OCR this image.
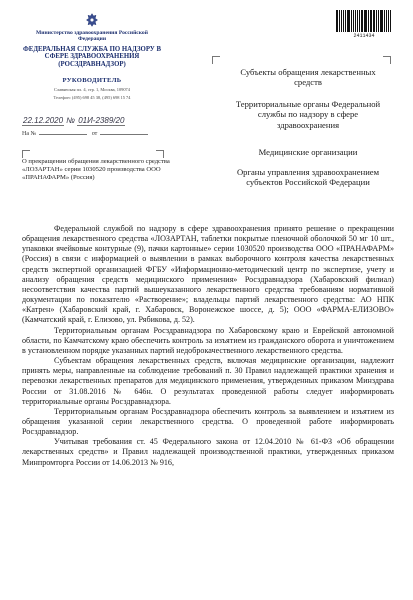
Министерство здравоохранения Российской Федерации
ФЕДЕРАЛЬНАЯ СЛУЖБА ПО НАДЗОРУ В СФЕРЕ ЗДРАВООХРАНЕНИЯ (РОСЗДРАВНАДЗОР)
РУКОВОДИТЕЛЬ
Славянская пл. 4, стр. 1, Москва, 109074
Телефон: (495) 698 45 38, (495) 698 15 74
22.12.2020 № 01И-2389/20
На №	от
2411434
Субъекты обращения лекарственных средств
Территориальные органы Федеральной службы по надзору в сфере здравоохранения
Медицинские организации
Органы управления здравоохранением субъектов Российской Федерации
О прекращении обращения лекарственного средства «ЛОЗАРТАН» серии 1030520 производства ООО «ПРАНАФАРМ» (Россия)

Федеральной службой по надзору в сфере здравоохранения принято решение о прекращении обращения лекарственного средства «ЛОЗАРТАН, таблетки покрытые пленочной оболочкой 50 мг 10 шт., упаковки ячейковые контурные (9), пачки картонные» серии 1030520 производства ООО «ПРАНАФАРМ» (Россия) в связи с информацией о выявлении в рамках выборочного контроля качества лекарственных средств экспертной организацией ФГБУ «Информационно-методический центр по экспертизе, учету и анализу обращения средств медицинского применения» Росздравнадзора (Хабаровский филиал) несоответствия качества партий вышеуказанного лекарственного средства требованиям нормативной документации по показателю «Растворение»; владельцы партий лекарственного средства: АО НПК «Катрен» (Хабаровский край, г. Хабаровск, Воронежское шоссе, д. 5); ООО «ФАРМА-ЕЛИЗОВО» (Камчатский край, г. Елизово, ул. Рябикова, д. 52).

Территориальным органам Росздравнадзора по Хабаровскому краю и Еврейской автономной области, по Камчатскому краю обеспечить контроль за изъятием из гражданского оборота и уничтожением в установленном порядке указанных партий недоброкачественного лекарственного средства.

Субъектам обращения лекарственных средств, включая медицинские организации, надлежит принять меры, направленные на соблюдение требований п. 30 Правил надлежащей практики хранения и перевозки лекарственных препаратов для медицинского применения, утвержденных приказом Минздрава России от 31.08.2016 № 646н. О результатах проведенной работы следует информировать территориальные органы Росздравнадзора.

Территориальным органам Росздравнадзора обеспечить контроль за выявлением и изъятием из обращения указанной серии лекарственного средства. О проведенной работе информировать Росздравнадзор.

Учитывая требования ст. 45 Федерального закона от 12.04.2010 № 61-ФЗ «Об обращении лекарственных средств» и Правил надлежащей производственной практики, утвержденных приказом Минпромторга России от 14.06.2013 № 916,
